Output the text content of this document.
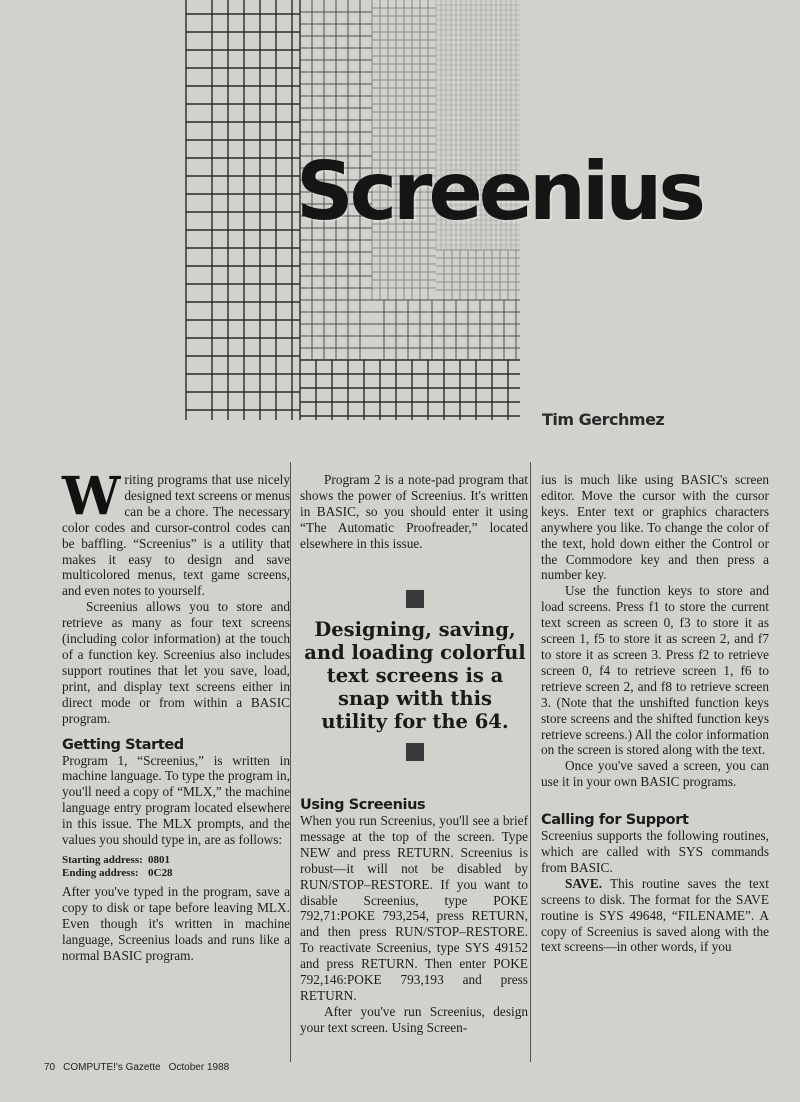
Screenius

Tim Gerchmez

Writing programs that use nicely designed text screens or menus can be a chore. The necessary color codes and cursor-control codes can be baffling. “Screenius” is a utility that makes it easy to design and save multicolored menus, text game screens, and even notes to yourself.

Screenius allows you to store and retrieve as many as four text screens (including color information) at the touch of a function key. Screenius also includes support routines that let you save, load, print, and display text screens either in direct mode or from within a BASIC program.

Getting Started

Program 1, “Screenius,” is written in machine language. To type the program in, you'll need a copy of “MLX,” the machine language entry program located elsewhere in this issue. The MLX prompts, and the values you should type in, are as follows:

Starting address: 0801
Ending address: 0C28

After you've typed in the program, save a copy to disk or tape before leaving MLX. Even though it's written in machine language, Screenius loads and runs like a normal BASIC program.

Program 2 is a note-pad program that shows the power of Screenius. It's written in BASIC, so you should enter it using “The Automatic Proofreader,” located elsewhere in this issue.

Designing, saving, and loading colorful text screens is a snap with this utility for the 64.
Using Screenius

When you run Screenius, you'll see a brief message at the top of the screen. Type NEW and press RETURN. Screenius is robust—it will not be disabled by RUN/STOP–RESTORE. If you want to disable Screenius, type POKE 792,71:POKE 793,254, press RETURN, and then press RUN/STOP–RESTORE. To reactivate Screenius, type SYS 49152 and press RETURN. Then enter POKE 792,146:POKE 793,193 and press RETURN.

After you've run Screenius, design your text screen. Using Screen-

ius is much like using BASIC's screen editor. Move the cursor with the cursor keys. Enter text or graphics characters anywhere you like. To change the color of the text, hold down either the Control or the Commodore key and then press a number key.

Use the function keys to store and load screens. Press f1 to store the current text screen as screen 0, f3 to store it as screen 1, f5 to store it as screen 2, and f7 to store it as screen 3. Press f2 to retrieve screen 0, f4 to retrieve screen 1, f6 to retrieve screen 2, and f8 to retrieve screen 3. (Note that the unshifted function keys store screens and the shifted function keys retrieve screens.) All the color information on the screen is stored along with the text.

Once you've saved a screen, you can use it in your own BASIC programs.

Calling for Support

Screenius supports the following routines, which are called with SYS commands from BASIC.

SAVE. This routine saves the text screens to disk. The format for the SAVE routine is SYS 49648, “FILENAME”. A copy of Screenius is saved along with the text screens—in other words, if you

70 COMPUTE!'s Gazette October 1988
